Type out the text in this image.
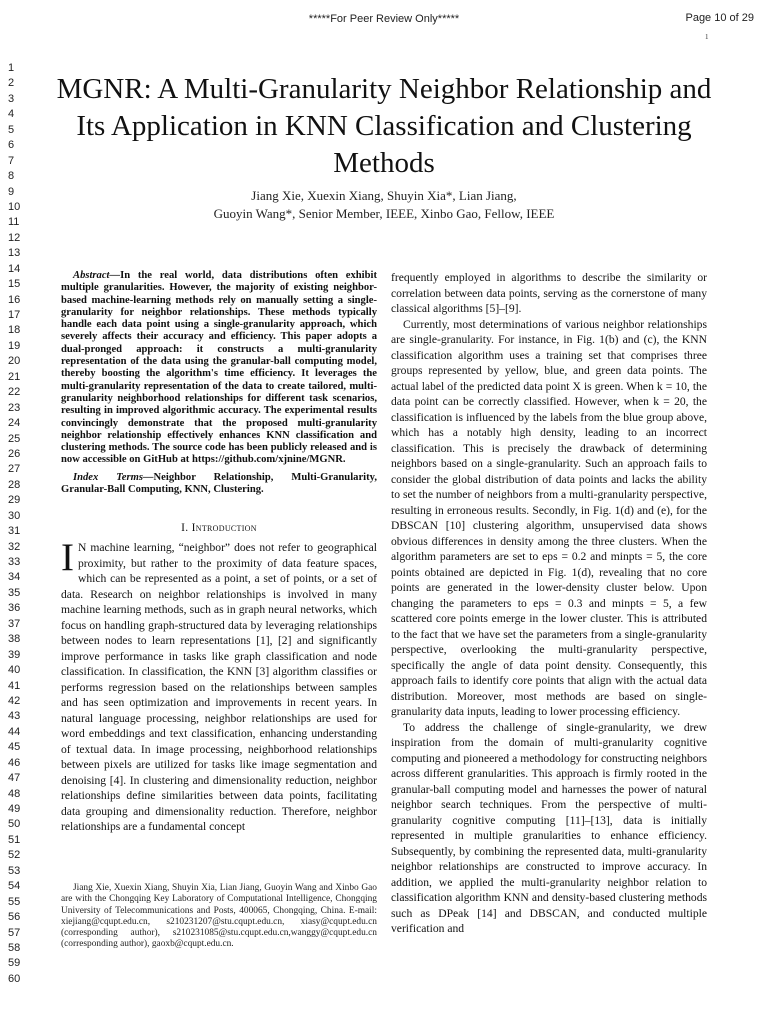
*****For Peer Review Only*****	Page 10 of 29
1
1
2
3
4
5
6
7
8
9
10
11
12
13
14
15
16
17
18
19
20
21
22
23
24
25
26
27
28
29
30
31
32
33
34
35
36
37
38
39
40
41
42
43
44
45
46
47
48
49
50
51
52
53
54
55
56
57
58
59
60
MGNR: A Multi-Granularity Neighbor Relationship and Its Application in KNN Classification and Clustering Methods
Jiang Xie, Xuexin Xiang, Shuyin Xia*, Lian Jiang,
Guoyin Wang*, Senior Member, IEEE, Xinbo Gao, Fellow, IEEE

Abstract—In the real world, data distributions often exhibit multiple granularities. However, the majority of existing neighbor-based machine-learning methods rely on manually setting a single-granularity for neighbor relationships. These methods typically handle each data point using a single-granularity approach, which severely affects their accuracy and efficiency. This paper adopts a dual-pronged approach: it constructs a multi-granularity representation of the data using the granular-ball computing model, thereby boosting the algorithm's time efficiency. It leverages the multi-granularity representation of the data to create tailored, multi-granularity neighborhood relationships for different task scenarios, resulting in improved algorithmic accuracy. The experimental results convincingly demonstrate that the proposed multi-granularity neighbor relationship effectively enhances KNN classification and clustering methods. The source code has been publicly released and is now accessible on GitHub at https://github.com/xjnine/MGNR.

Index Terms—Neighbor Relationship, Multi-Granularity, Granular-Ball Computing, KNN, Clustering.

I. Introduction

I N machine learning, “neighbor” does not refer to geographical proximity, but rather to the proximity of data feature spaces, which can be represented as a point, a set of points, or a set of data. Research on neighbor relationships is involved in many machine learning methods, such as in graph neural networks, which focus on handling graph-structured data by leveraging relationships between nodes to learn representations [1], [2] and significantly improve performance in tasks like graph classification and node classification. In classification, the KNN [3] algorithm classifies or performs regression based on the relationships between samples and has seen optimization and improvements in recent years. In natural language processing, neighbor relationships are used for word embeddings and text classification, enhancing understanding of textual data. In image processing, neighborhood relationships between pixels are utilized for tasks like image segmentation and denoising [4]. In clustering and dimensionality reduction, neighbor relationships define similarities between data points, facilitating data grouping and dimensionality reduction. Therefore, neighbor relationships are a fundamental concept

Jiang Xie, Xuexin Xiang, Shuyin Xia, Lian Jiang, Guoyin Wang and Xinbo Gao are with the Chongqing Key Laboratory of Computational Intelligence, Chongqing University of Telecommunications and Posts, 400065, Chongqing, China. E-mail: xiejiang@cqupt.edu.cn, s210231207@stu.cqupt.edu.cn, xiasy@cqupt.edu.cn (corresponding author), s210231085@stu.cqupt.edu.cn,wanggy@cqupt.edu.cn (corresponding author), gaoxb@cqupt.edu.cn.

frequently employed in algorithms to describe the similarity or correlation between data points, serving as the cornerstone of many classical algorithms [5]–[9].

Currently, most determinations of various neighbor relationships are single-granularity. For instance, in Fig. 1(b) and (c), the KNN classification algorithm uses a training set that comprises three groups represented by yellow, blue, and green data points. The actual label of the predicted data point X is green. When k = 10, the data point can be correctly classified. However, when k = 20, the classification is influenced by the labels from the blue group above, which has a notably high density, leading to an incorrect classification. This is precisely the drawback of determining neighbors based on a single-granularity. Such an approach fails to consider the global distribution of data points and lacks the ability to set the number of neighbors from a multi-granularity perspective, resulting in erroneous results. Secondly, in Fig. 1(d) and (e), for the DBSCAN [10] clustering algorithm, unsupervised data shows obvious differences in density among the three clusters. When the algorithm parameters are set to eps = 0.2 and minpts = 5, the core points obtained are depicted in Fig. 1(d), revealing that no core points are generated in the lower-density cluster below. Upon changing the parameters to eps = 0.3 and minpts = 5, a few scattered core points emerge in the lower cluster. This is attributed to the fact that we have set the parameters from a single-granularity perspective, overlooking the multi-granularity perspective, specifically the angle of data point density. Consequently, this approach fails to identify core points that align with the actual data distribution. Moreover, most methods are based on single-granularity data inputs, leading to lower processing efficiency.

To address the challenge of single-granularity, we drew inspiration from the domain of multi-granularity cognitive computing and pioneered a methodology for constructing neighbors across different granularities. This approach is firmly rooted in the granular-ball computing model and harnesses the power of natural neighbor search techniques. From the perspective of multi-granularity cognitive computing [11]–[13], data is initially represented in multiple granularities to enhance efficiency. Subsequently, by combining the represented data, multi-granularity neighbor relationships are constructed to improve accuracy. In addition, we applied the multi-granularity neighbor relation to classification algorithm KNN and density-based clustering methods such as DPeak [14] and DBSCAN, and conducted multiple verification and
